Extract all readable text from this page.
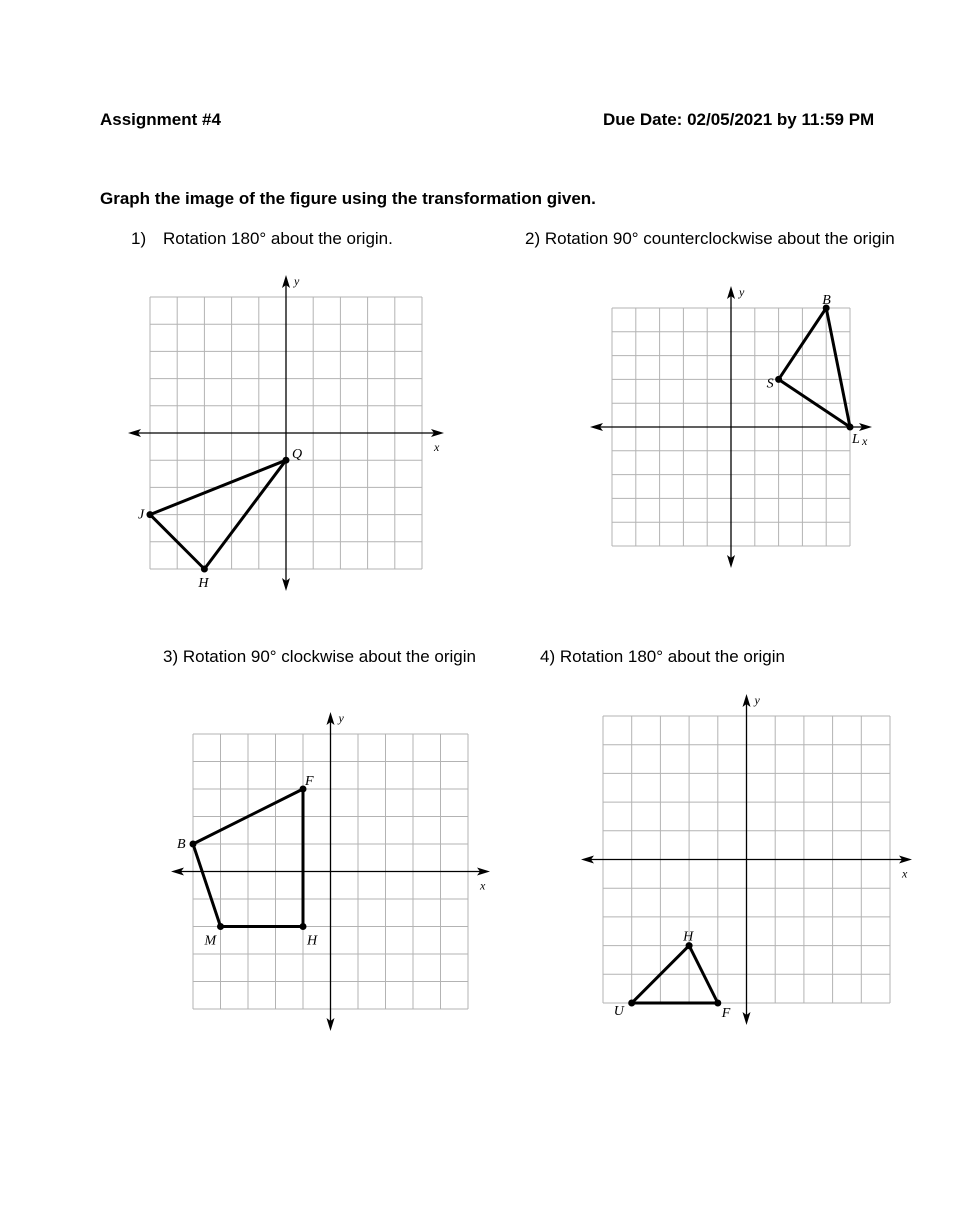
Assignment #4	Due Date: 02/05/2021 by 11:59 PM
Graph the image of the figure using the transformation given.
1) Rotation 180° about the origin.	2) Rotation 90° counterclockwise about the origin
3) Rotation 90° clockwise about the origin	4) Rotation 180° about the origin
x
y
Q
J
H
x
y
B
S
L
x
y
F
B
M	H
x
y
H
U	F
